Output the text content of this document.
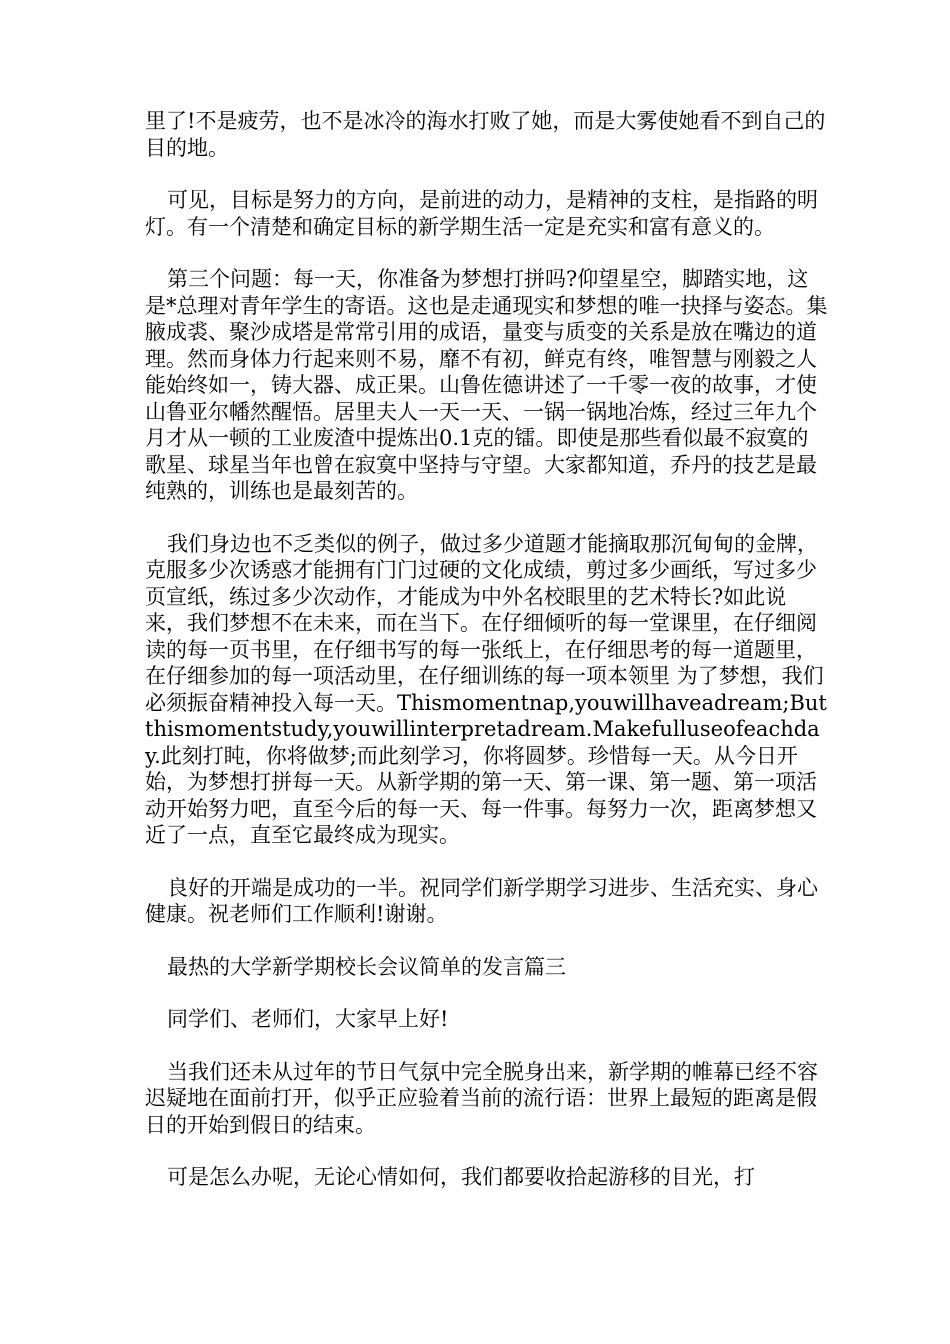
里了!不是疲劳，也不是冰冷的海水打败了她，而是大雾使她看不到自己的目的地。

可见，目标是努力的方向，是前进的动力，是精神的支柱，是指路的明灯。有一个清楚和确定目标的新学期生活一定是充实和富有意义的。

第三个问题：每一天，你准备为梦想打拼吗?仰望星空，脚踏实地，这是*总理对青年学生的寄语。这也是走通现实和梦想的唯一抉择与姿态。集腋成裘、聚沙成塔是常常引用的成语，量变与质变的关系是放在嘴边的道理。然而身体力行起来则不易，靡不有初，鲜克有终，唯智慧与刚毅之人能始终如一，铸大器、成正果。山鲁佐德讲述了一千零一夜的故事，才使山鲁亚尔幡然醒悟。居里夫人一天一天、一锅一锅地冶炼，经过三年九个月才从一顿的工业废渣中提炼出0.1克的镭。即使是那些看似最不寂寞的歌星、球星当年也曾在寂寞中坚持与守望。大家都知道，乔丹的技艺是最纯熟的，训练也是最刻苦的。

我们身边也不乏类似的例子，做过多少道题才能摘取那沉甸甸的金牌，克服多少次诱惑才能拥有门门过硬的文化成绩，剪过多少画纸，写过多少页宣纸，练过多少次动作，才能成为中外名校眼里的艺术特长?如此说来，我们梦想不在未来，而在当下。在仔细倾听的每一堂课里，在仔细阅读的每一页书里，在仔细书写的每一张纸上，在仔细思考的每一道题里，在仔细参加的每一项活动里，在仔细训练的每一项本领里 为了梦想，我们必须振奋精神投入每一天。Thismomentnap,youwillhaveadream;Butthismomentstudy,youwillinterpretadream.Makefulluseofeachday.此刻打盹，你将做梦;而此刻学习，你将圆梦。珍惜每一天。从今日开始，为梦想打拼每一天。从新学期的第一天、第一课、第一题、第一项活动开始努力吧，直至今后的每一天、每一件事。每努力一次，距离梦想又近了一点，直至它最终成为现实。

良好的开端是成功的一半。祝同学们新学期学习进步、生活充实、身心健康。祝老师们工作顺利!谢谢。

最热的大学新学期校长会议简单的发言篇三

同学们、老师们，大家早上好!

当我们还未从过年的节日气氛中完全脱身出来，新学期的帷幕已经不容迟疑地在面前打开，似乎正应验着当前的流行语：世界上最短的距离是假日的开始到假日的结束。

可是怎么办呢，无论心情如何，我们都要收拾起游移的目光，打
